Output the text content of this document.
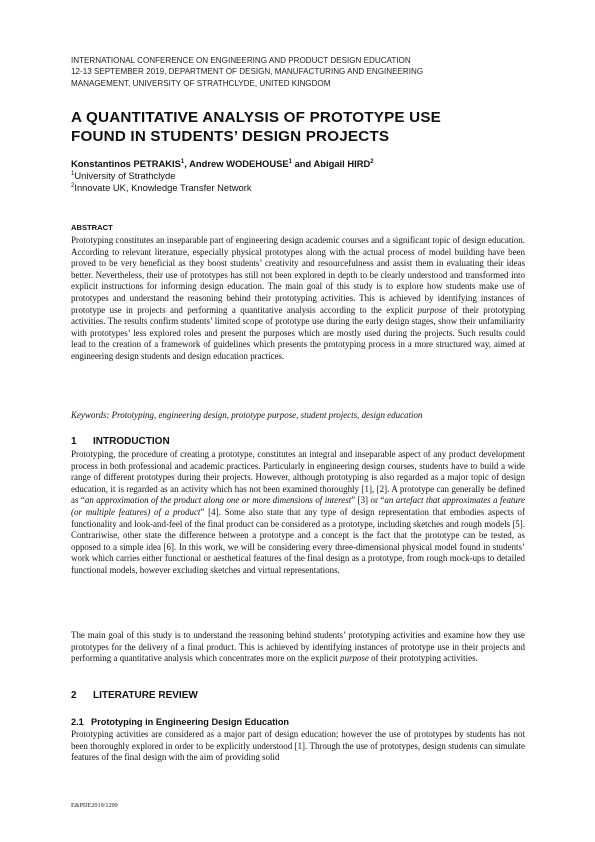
INTERNATIONAL CONFERENCE ON ENGINEERING AND PRODUCT DESIGN EDUCATION
12-13 SEPTEMBER 2019, DEPARTMENT OF DESIGN, MANUFACTURING AND ENGINEERING
MANAGEMENT, UNIVERSITY OF STRATHCLYDE, UNITED KINGDOM
A QUANTITATIVE ANALYSIS OF PROTOTYPE USE
FOUND IN STUDENTS’ DESIGN PROJECTS
Konstantinos PETRAKIS$^1$, Andrew WODEHOUSE$^1$ and Abigail HIRD$^2$
$^1$University of Strathclyde
$^2$Innovate UK, Knowledge Transfer Network
ABSTRACT
Prototyping constitutes an inseparable part of engineering design academic courses and a significant topic of design education. According to relevant literature, especially physical prototypes along with the actual process of model building have been proved to be very beneficial as they boost students’ creativity and resourcefulness and assist them in evaluating their ideas better. Nevertheless, their use of prototypes has still not been explored in depth to be clearly understood and transformed into explicit instructions for informing design education. The main goal of this study is to explore how students make use of prototypes and understand the reasoning behind their prototyping activities. This is achieved by identifying instances of prototype use in projects and performing a quantitative analysis according to the explicit purpose of their prototyping activities. The results confirm students’ limited scope of prototype use during the early design stages, show their unfamiliarity with prototypes’ less explored roles and present the purposes which are mostly used during the projects. Such results could lead to the creation of a framework of guidelines which presents the prototyping process in a more structured way, aimed at engineering design students and design education practices.
Keywords: Prototyping, engineering design, prototype purpose, student projects, design education
1 INTRODUCTION
Prototyping, the procedure of creating a prototype, constitutes an integral and inseparable aspect of any product development process in both professional and academic practices. Particularly in engineering design courses, students have to build a wide range of different prototypes during their projects. However, although prototyping is also regarded as a major topic of design education, it is regarded as an activity which has not been examined thoroughly [1], [2]. A prototype can generally be defined as “an approximation of the product along one or more dimensions of interest” [3] or “an artefact that approximates a feature (or multiple features) of a product” [4]. Some also state that any type of design representation that embodies aspects of functionality and look-and-feel of the final product can be considered as a prototype, including sketches and rough models [5]. Contrariwise, other state the difference between a prototype and a concept is the fact that the prototype can be tested, as opposed to a simple idea [6]. In this work, we will be considering every three-dimensional physical model found in students’ work which carries either functional or aesthetical features of the final design as a prototype, from rough mock-ups to detailed functional models, however excluding sketches and virtual representations.
The main goal of this study is to understand the reasoning behind students’ prototyping activities and examine how they use prototypes for the delivery of a final product. This is achieved by identifying instances of prototype use in their projects and performing a quantitative analysis which concentrates more on the explicit purpose of their prototyping activities.
2 LITERATURE REVIEW
2.1 Prototyping in Engineering Design Education
Prototyping activities are considered as a major part of design education; however the use of prototypes by students has not been thoroughly explored in order to be explicitly understood [1]. Through the use of prototypes, design students can simulate features of the final design with the aim of providing solid
E&PDE2019/1299
